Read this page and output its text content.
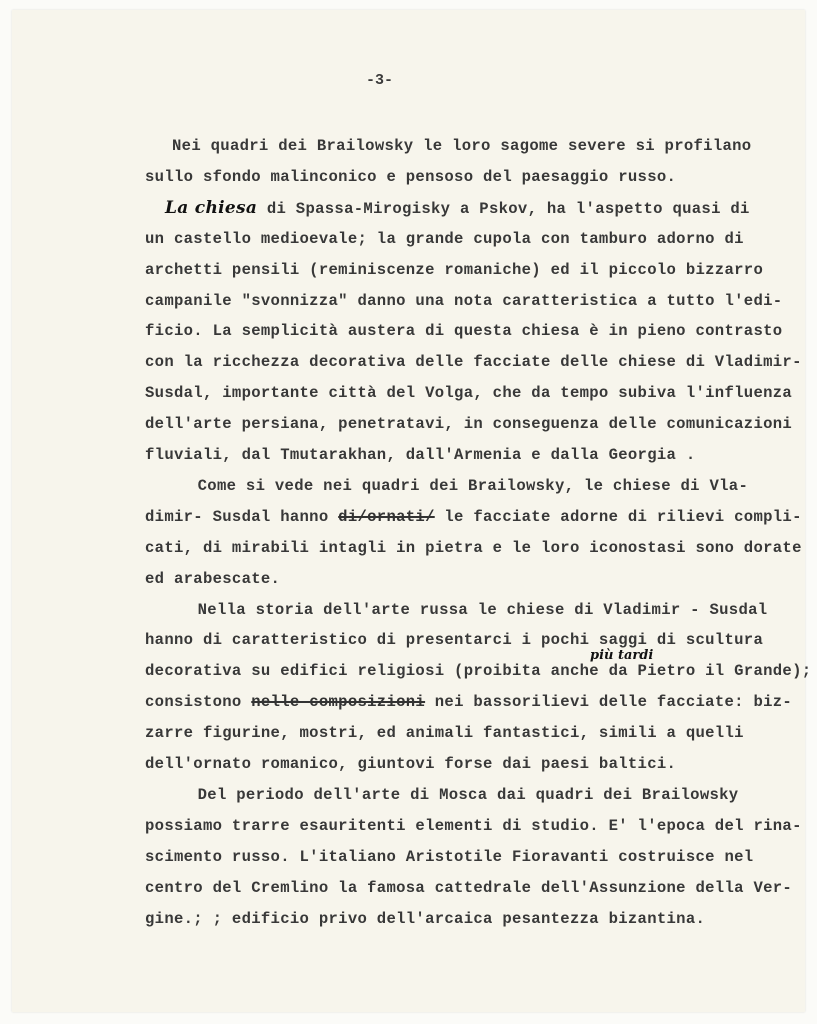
-3-
Nei quadri dei Brailowsky le loro sagome severe si profilano
sullo sfondo malinconico e pensoso del paesaggio russo.
La chiesa di Spassa-Mirogisky a Pskov, ha l'aspetto quasi di
un castello medioevale; la grande cupola con tamburo adorno di
archetti pensili (reminiscenze romaniche) ed il piccolo bizzarro
campanile "svonnizza" danno una nota caratteristica a tutto l'edi-
ficio. La semplicità austera di questa chiesa è in pieno contrasto
con la ricchezza decorativa delle facciate delle chiese di Vladimir-
Susdal, importante città del Volga, che da tempo subiva l'influenza
dell'arte persiana, penetratavi, in conseguenza delle comunicazioni
fluviali, dal Tmutarakhan, dall'Armenia e dalla Georgia .
Come si vede nei quadri dei Brailowsky, le chiese di Vla-
dimir- Susdal hanno di/ornati/ le facciate adorne di rilievi compli-
cati, di mirabili intagli in pietra e le loro iconostasi sono dorate
ed arabescate.
Nella storia dell'arte russa le chiese di Vladimir - Susdal
hanno di caratteristico di presentarci i pochi saggi di scultura
decorativa su edifici religiosi (proibita anche da Pietro il Grande);
consistono nelle composizioni nei bassorilievi delle facciate: biz-
zarre figurine, mostri, ed animali fantastici, simili a quelli
dell'ornato romanico, giuntovi forse dai paesi baltici.
Del periodo dell'arte di Mosca dai quadri dei Brailowsky
possiamo trarre esauritenti elementi di studio. E' l'epoca del rina-
scimento russo. L'italiano Aristotile Fioravanti costruisce nel
centro del Cremlino la famosa cattedrale dell'Assunzione della Ver-
gine.; ; edificio privo dell'arcaica pesantezza bizantina.
più tardi
